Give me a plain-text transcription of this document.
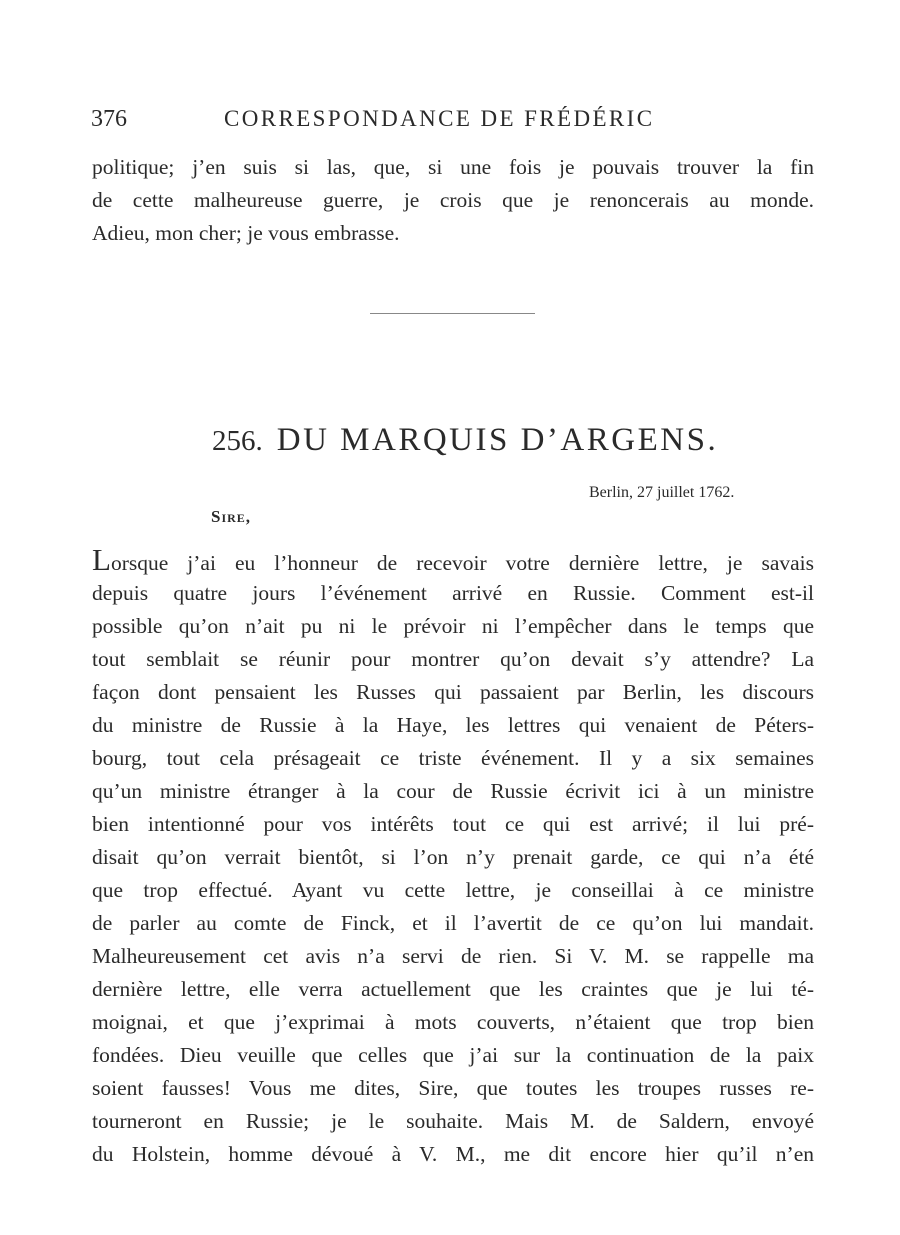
376	CORRESPONDANCE DE FRÉDÉRIC
politique; j’en suis si las, que, si une fois je pouvais trouver la fin
de cette malheureuse guerre, je crois que je renoncerais au monde.
Adieu, mon cher; je vous embrasse.
256. DU MARQUIS D’ARGENS.
Berlin, 27 juillet 1762.
Sire,
Lorsque j’ai eu l’honneur de recevoir votre dernière lettre, je savais
depuis quatre jours l’événement arrivé en Russie. Comment est-il
possible qu’on n’ait pu ni le prévoir ni l’empêcher dans le temps que
tout semblait se réunir pour montrer qu’on devait s’y attendre? La
façon dont pensaient les Russes qui passaient par Berlin, les discours
du ministre de Russie à la Haye, les lettres qui venaient de Péters-
bourg, tout cela présageait ce triste événement. Il y a six semaines
qu’un ministre étranger à la cour de Russie écrivit ici à un ministre
bien intentionné pour vos intérêts tout ce qui est arrivé; il lui pré-
disait qu’on verrait bientôt, si l’on n’y prenait garde, ce qui n’a été
que trop effectué. Ayant vu cette lettre, je conseillai à ce ministre
de parler au comte de Finck, et il l’avertit de ce qu’on lui mandait.
Malheureusement cet avis n’a servi de rien. Si V. M. se rappelle ma
dernière lettre, elle verra actuellement que les craintes que je lui té-
moignai, et que j’exprimai à mots couverts, n’étaient que trop bien
fondées. Dieu veuille que celles que j’ai sur la continuation de la paix
soient fausses! Vous me dites, Sire, que toutes les troupes russes re-
tourneront en Russie; je le souhaite. Mais M. de Saldern, envoyé
du Holstein, homme dévoué à V. M., me dit encore hier qu’il n’en
